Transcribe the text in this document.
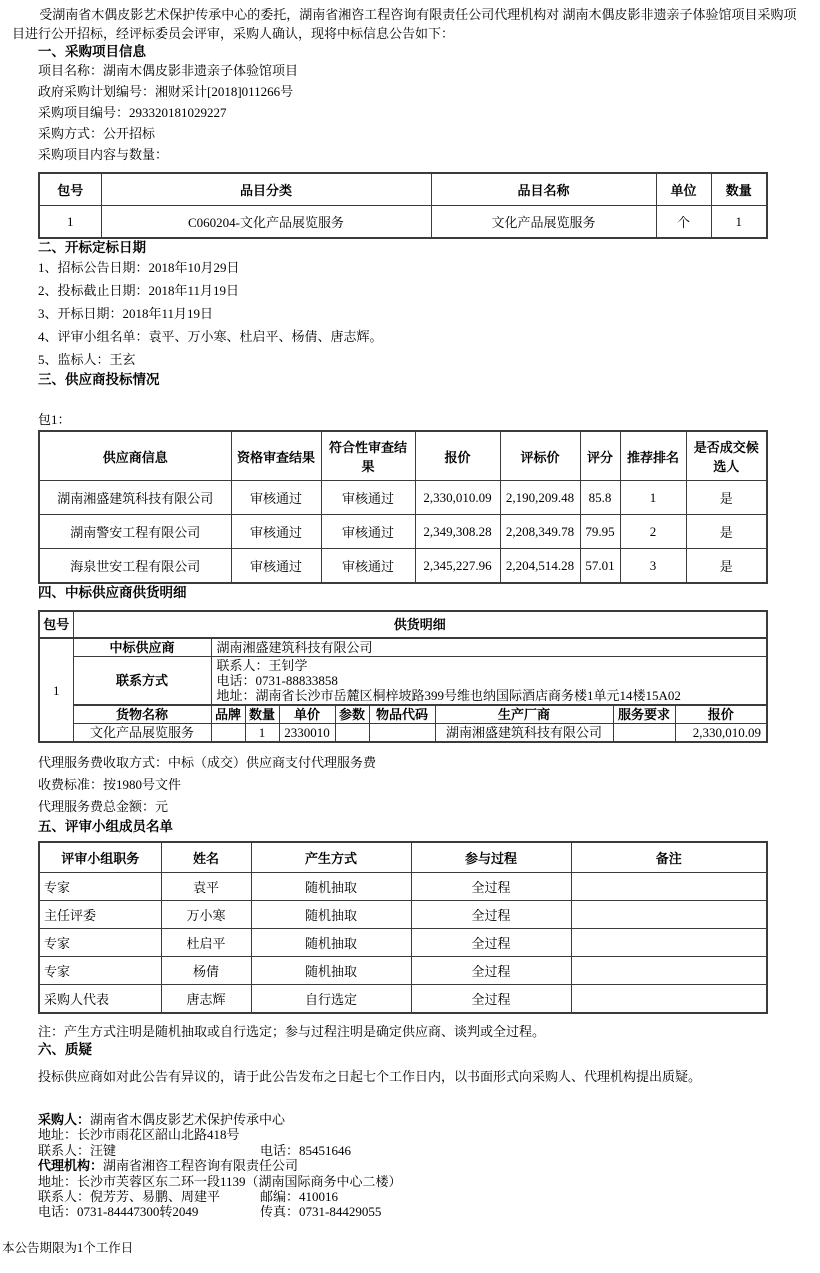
受湖南省木偶皮影艺术保护传承中心的委托，湖南省湘咨工程咨询有限责任公司代理机构对 湖南木偶皮影非遗亲子体验馆项目采购项目进行公开招标，经评标委员会评审，采购人确认，现将中标信息公告如下：

一、采购项目信息

项目名称：湖南木偶皮影非遗亲子体验馆项目

政府采购计划编号：湘财采计[2018]011266号

采购项目编号：293320181029227

采购方式：公开招标

采购项目内容与数量：

包号	品目分类	品目名称	单位	数量
1	C060204-文化产品展览服务	文化产品展览服务	个	1
二、开标定标日期

1、招标公告日期：2018年10月29日

2、投标截止日期：2018年11月19日

3、开标日期：2018年11月19日

4、评审小组名单：袁平、万小寒、杜启平、杨倩、唐志辉。

5、监标人：王玄

三、供应商投标情况

包1：

供应商信息	资格审查结果	符合性审查结果	报价	评标价	评分	推荐排名	是否成交候选人
湖南湘盛建筑科技有限公司	审核通过	审核通过	2,330,010.09	2,190,209.48	85.8	1	是
湖南警安工程有限公司	审核通过	审核通过	2,349,308.28	2,208,349.78	79.95	2	是
海泉世安工程有限公司	审核通过	审核通过	2,345,227.96	2,204,514.28	57.01	3	是
四、中标供应商供货明细
包号	供货明细								
1	中标供应商	湖南湘盛建筑科技有限公司							
	联系方式	联系人：王钊学
电话：0731-88833858
地址：湖南省长沙市岳麓区桐梓坡路399号维也纳国际酒店商务楼1单元14楼15A02							

	货物名称	品牌	数量	单价	参数	物品代码	生产厂商	服务要求	报价
	文化产品展览服务		1	2330010			湖南湘盛建筑科技有限公司		2,330,010.09

代理服务费收取方式：中标（成交）供应商支付代理服务费

收费标准：按1980号文件

代理服务费总金额：元

五、评审小组成员名单
评审小组职务	姓名	产生方式	参与过程	备注
专家	袁平	随机抽取	全过程	
主任评委	万小寒	随机抽取	全过程	
专家	杜启平	随机抽取	全过程	
专家	杨倩	随机抽取	全过程	
采购人代表	唐志辉	自行选定	全过程	

注：产生方式注明是随机抽取或自行选定；参与过程注明是确定供应商、谈判或全过程。

六、质疑

投标供应商如对此公告有异议的，请于此公告发布之日起七个工作日内，以书面形式向采购人、代理机构提出质疑。

采购人：湖南省木偶皮影艺术保护传承中心

地址：长沙市雨花区韶山北路418号

联系人：汪键	电话：85451646

代理机构：湖南省湘咨工程咨询有限责任公司

地址：长沙市芙蓉区东二环一段1139（湖南国际商务中心二楼）

联系人：倪芳芳、易鹏、周建平	邮编：410016

电话：0731-84447300转2049	传真：0731-84429055

本公告期限为1个工作日
